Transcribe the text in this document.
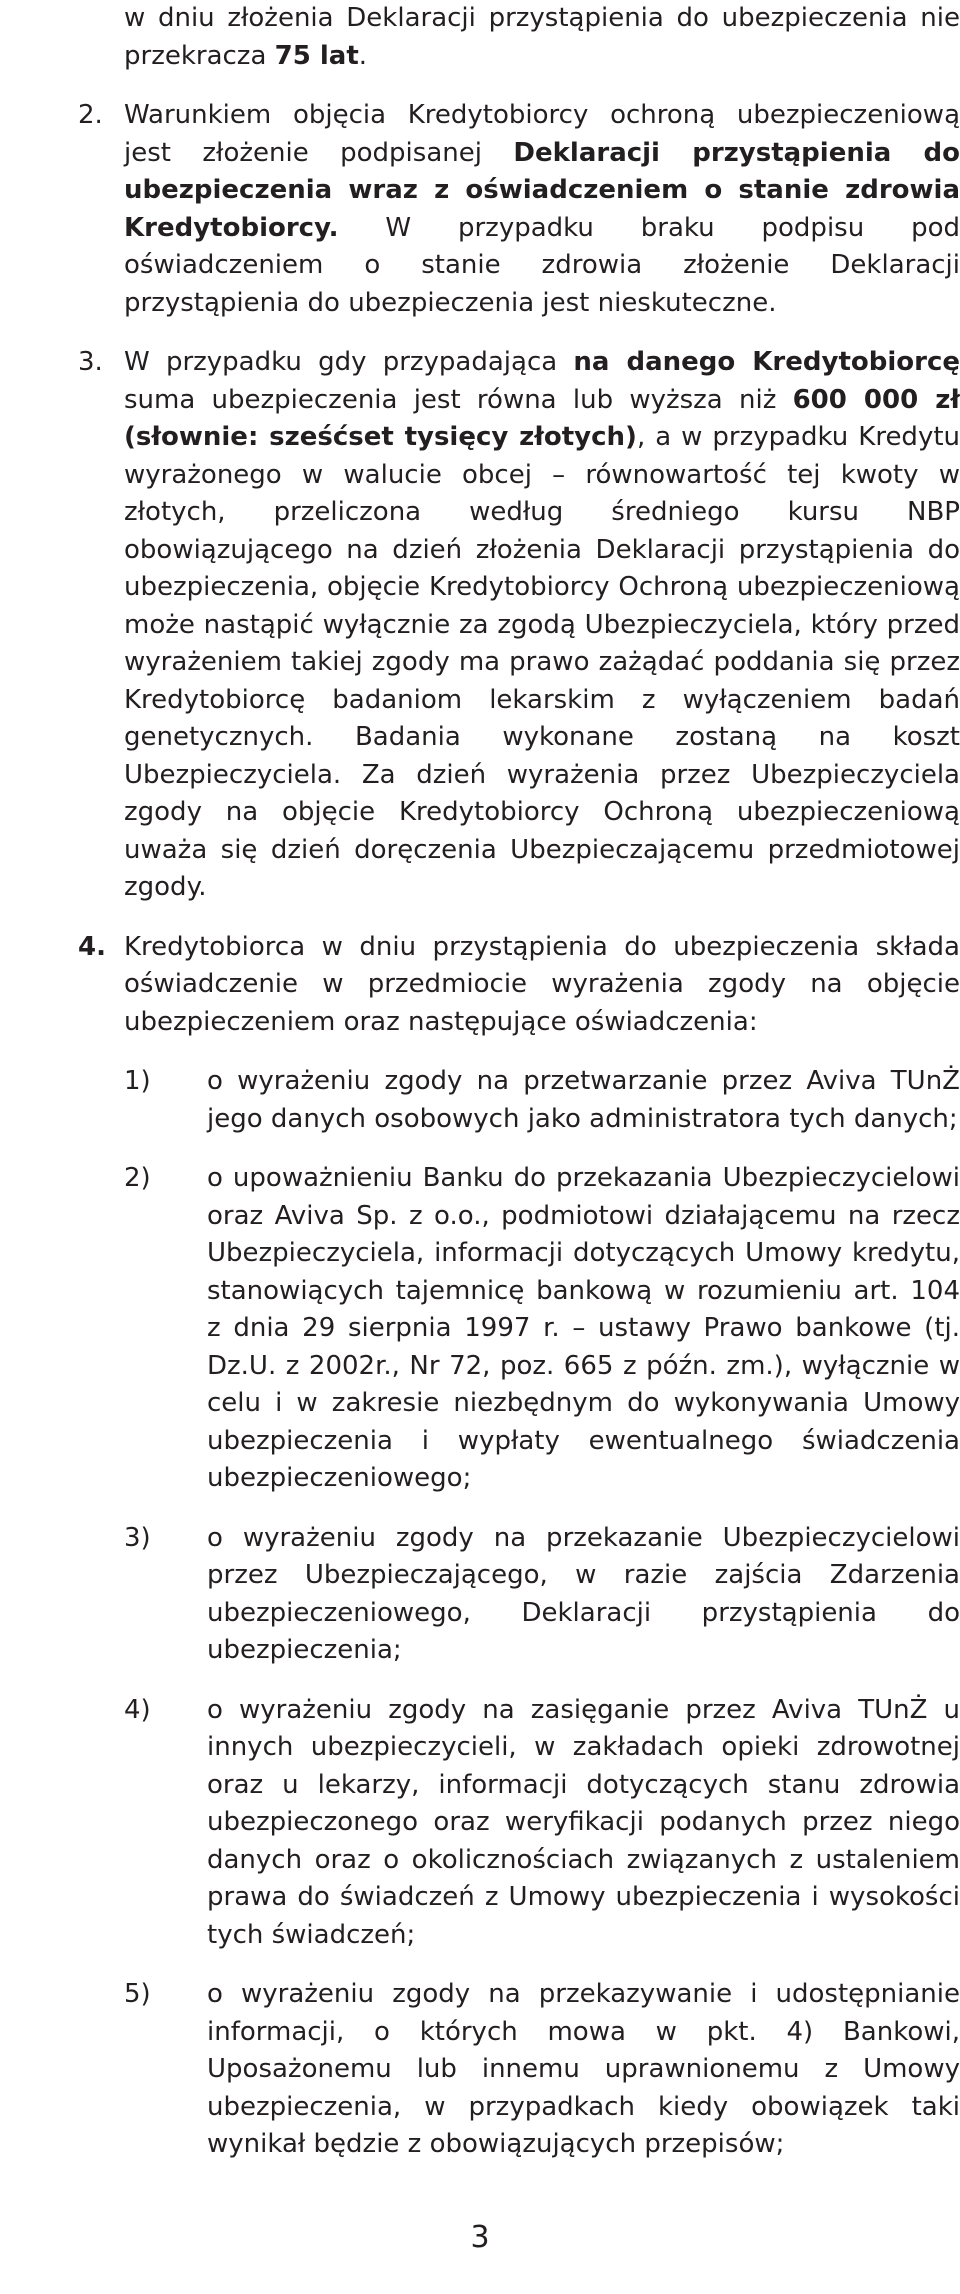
w dniu złożenia Deklaracji przystąpienia do ubezpieczenia nie przekracza 75 lat.

2. Warunkiem objęcia Kredytobiorcy ochroną ubezpieczeniową jest złożenie podpisanej Deklaracji przystąpienia do ubezpieczenia wraz z oświadczeniem o stanie zdrowia Kredytobiorcy. W przypadku braku podpisu pod oświadczeniem o stanie zdrowia złożenie Deklaracji przystąpienia do ubezpieczenia jest nieskuteczne.

3. W przypadku gdy przypadająca na danego Kredytobiorcę suma ubezpieczenia jest równa lub wyższa niż 600 000 zł (słownie: sześćset tysięcy złotych), a w przypadku Kredytu wyrażonego w walucie obcej – równowartość tej kwoty w złotych, przeliczona według średniego kursu NBP obowiązującego na dzień złożenia Deklaracji przystąpienia do ubezpieczenia, objęcie Kredytobiorcy Ochroną ubezpieczeniową może nastąpić wyłącznie za zgodą Ubezpieczyciela, który przed wyrażeniem takiej zgody ma prawo zażądać poddania się przez Kredytobiorcę badaniom lekarskim z wyłączeniem badań genetycznych. Badania wykonane zostaną na koszt Ubezpieczyciela. Za dzień wyrażenia przez Ubezpieczyciela zgody na objęcie Kredytobiorcy Ochroną ubezpieczeniową uważa się dzień doręczenia Ubezpieczającemu przedmiotowej zgody.

4. Kredytobiorca w dniu przystąpienia do ubezpieczenia składa oświadczenie w przedmiocie wyrażenia zgody na objęcie ubezpieczeniem oraz następujące oświadczenia:

1)	o wyrażeniu zgody na przetwarzanie przez Aviva TUnŻ jego danych osobowych jako administratora tych danych;

2)	o upoważnieniu Banku do przekazania Ubezpieczycielowi oraz Aviva Sp. z o.o., podmiotowi działającemu na rzecz Ubezpieczyciela, informacji dotyczących Umowy kredytu, stanowiących tajemnicę bankową w rozumieniu art. 104 z dnia 29 sierpnia 1997 r. – ustawy Prawo bankowe (tj. Dz.U. z 2002r., Nr 72, poz. 665 z późn. zm.), wyłącznie w celu i w zakresie niezbędnym do wykonywania Umowy ubezpieczenia i wypłaty ewentualnego świadczenia ubezpieczeniowego;

3)	o wyrażeniu zgody na przekazanie Ubezpieczycielowi przez Ubezpieczającego, w razie zajścia Zdarzenia ubezpieczeniowego, Deklaracji przystąpienia do ubezpieczenia;

4)	o wyrażeniu zgody na zasięganie przez Aviva TUnŻ u innych ubezpieczycieli, w zakładach opieki zdrowotnej oraz u lekarzy, informacji dotyczących stanu zdrowia ubezpieczonego oraz weryfikacji podanych przez niego danych oraz o okolicznościach związanych z ustaleniem prawa do świadczeń z Umowy ubezpieczenia i wysokości tych świadczeń;

5)	o wyrażeniu zgody na przekazywanie i udostępnianie informacji, o których mowa w pkt. 4) Bankowi, Uposażonemu lub innemu uprawnionemu z Umowy ubezpieczenia, w przypadkach kiedy obowiązek taki wynikał będzie z obowiązujących przepisów;

3
